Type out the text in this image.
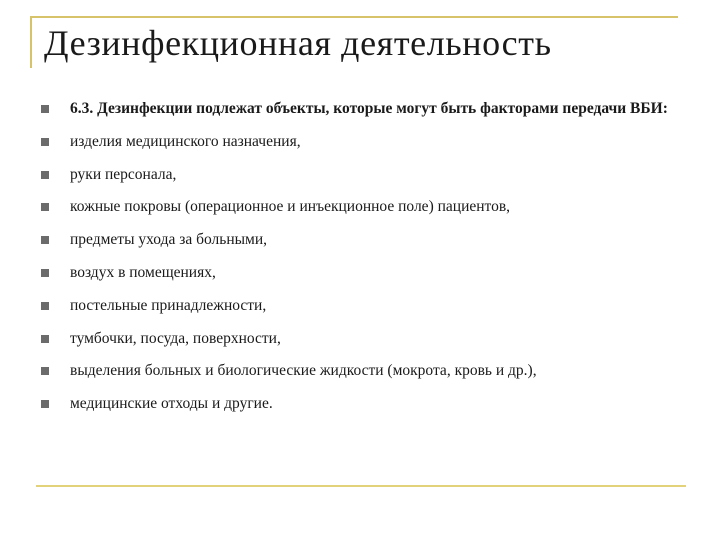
Дезинфекционная деятельность
6.3. Дезинфекции подлежат объекты, которые могут быть факторами передачи ВБИ:
изделия медицинского назначения,
руки персонала,
кожные покровы (операционное и инъекционное поле) пациентов,
предметы ухода за больными,
воздух в помещениях,
постельные принадлежности,
тумбочки, посуда, поверхности,
выделения больных и биологические жидкости (мокрота, кровь и др.),
медицинские отходы и другие.
